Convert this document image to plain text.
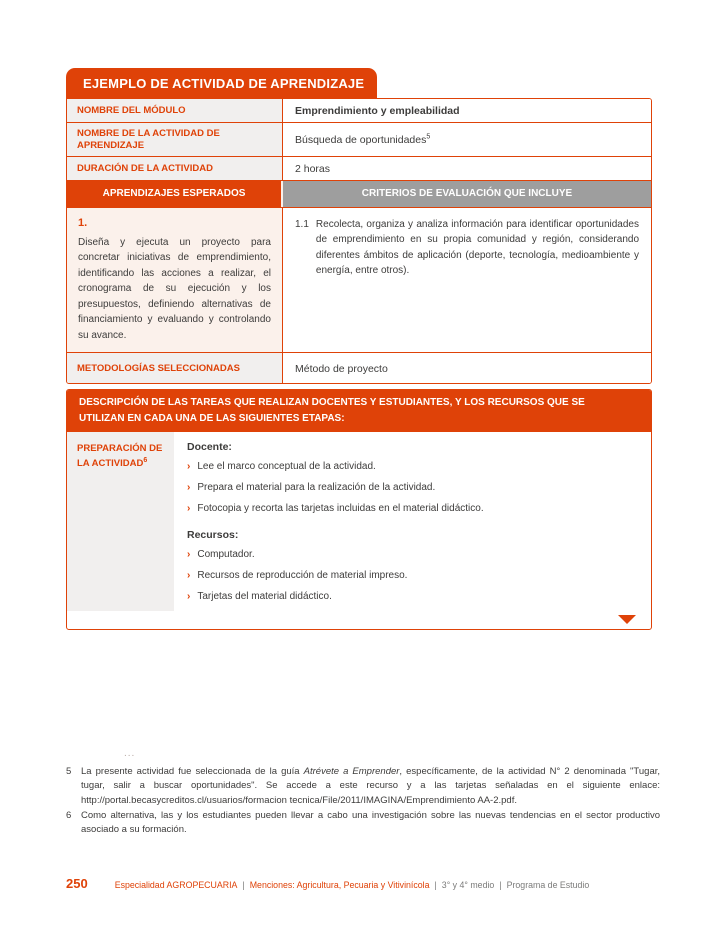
EJEMPLO DE ACTIVIDAD DE APRENDIZAJE
NOMBRE DEL MÓDULO	Emprendimiento y empleabilidad
NOMBRE DE LA ACTIVIDAD DE APRENDIZAJE	Búsqueda de oportunidades$^5$
DURACIÓN DE LA ACTIVIDAD	2 horas
APRENDIZAJES ESPERADOS	CRITERIOS DE EVALUACIÓN QUE INCLUYE
1.
Diseña y ejecuta un proyecto para concretar iniciativas de emprendimiento, identificando las acciones a realizar, el cronograma de su ejecución y los presupuestos, definiendo alternativas de financiamiento y evaluando y controlando su avance.
1.1 Recolecta, organiza y analiza información para identificar oportunidades de emprendimiento en su propia comunidad y región, considerando diferentes ámbitos de aplicación (deporte, tecnología, medioambiente y energía, entre otros).
METODOLOGÍAS SELECCIONADAS	Método de proyecto
DESCRIPCIÓN DE LAS TAREAS QUE REALIZAN DOCENTES Y ESTUDIANTES, Y LOS RECURSOS QUE SE UTILIZAN EN CADA UNA DE LAS SIGUIENTES ETAPAS:
PREPARACIÓN DE LA ACTIVIDAD$^6$
Docente:
› Lee el marco conceptual de la actividad.
› Prepara el material para la realización de la actividad.
› Fotocopia y recorta las tarjetas incluidas en el material didáctico.
Recursos:
› Computador.
› Recursos de reproducción de material impreso.
› Tarjetas del material didáctico.
...
5 La presente actividad fue seleccionada de la guía Atrévete a Emprender, específicamente, de la actividad N° 2 denominada "Tugar, tugar, salir a buscar oportunidades". Se accede a este recurso y a las tarjetas señaladas en el siguiente enlace: http://portal.becasycreditos.cl/usuarios/formacion tecnica/File/2011/IMAGINA/Emprendimiento AA-2.pdf.
6 Como alternativa, las y los estudiantes pueden llevar a cabo una investigación sobre las nuevas tendencias en el sector productivo asociado a su formación.
250	Especialidad AGROPECUARIA | Menciones: Agricultura, Pecuaria y Vitivinícola | 3° y 4° medio | Programa de Estudio
